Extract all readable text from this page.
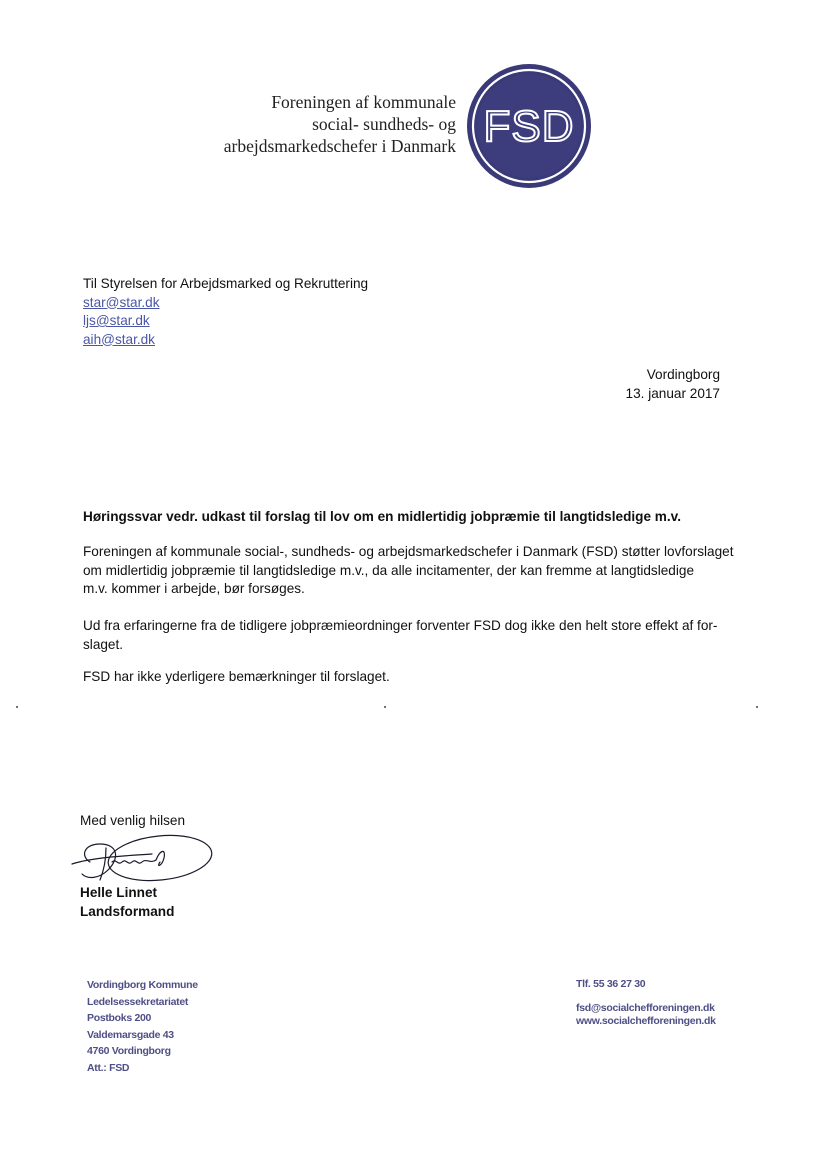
Foreningen af kommunale
social- sundheds- og
arbejdsmarkedschefer i Danmark FSD
Til Styrelsen for Arbejdsmarked og Rekruttering
star@star.dk
ljs@star.dk
aih@star.dk
Vordingborg
13. januar 2017
Høringssvar vedr. udkast til forslag til lov om en midlertidig jobpræmie til langtidsledige m.v.

Foreningen af kommunale social-, sundheds- og arbejdsmarkedschefer i Danmark (FSD) støtter lovforslaget
om midlertidig jobpræmie til langtidsledige m.v., da alle incitamenter, der kan fremme at langtidsledige
m.v. kommer i arbejde, bør forsøges.

Ud fra erfaringerne fra de tidligere jobpræmieordninger forventer FSD dog ikke den helt store effekt af for-
slaget.

FSD har ikke yderligere bemærkninger til forslaget.

Med venlig hilsen
Helle Linnet
Landsformand
Vordingborg Kommune
Ledelsessekretariatet
Postboks 200
Valdemarsgade 43
4760 Vordingborg
Att.: FSD
Tlf. 55 36 27 30
fsd@socialchefforeningen.dk
www.socialchefforeningen.dk
